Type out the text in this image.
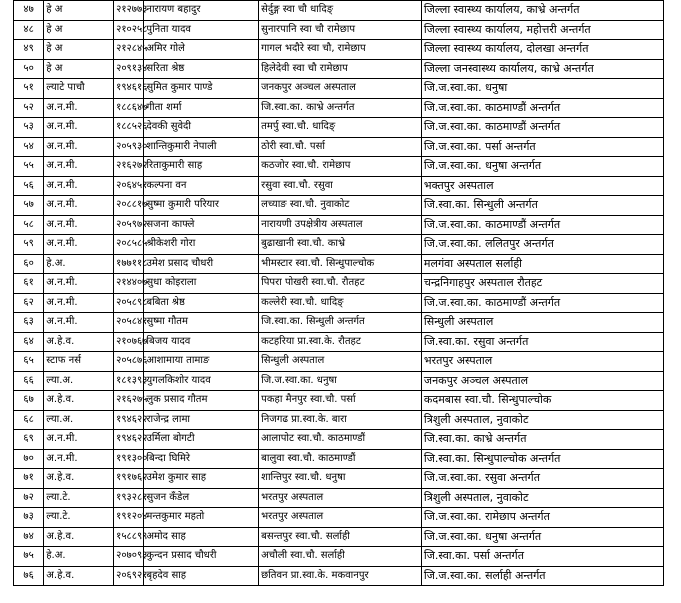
४७	हे अ	२१२७७३	नारायण बहादुर	सेर्दुङ्ग स्वा चौ धादिङ्	जिल्ला स्वास्थ्य कार्यालय, काभ्रे अन्तर्गत
४८	हे अ	२१०२५८	पुनिता यादव	सुनारपानि स्वा चौ रामेछाप	जिल्ला स्वास्थ्य कार्यालय, महोत्तरी अन्तर्गत
४९	हे अ	२१२८४५	अमिर गोले	गागल भदौरे स्वा चौ, रामेछाप	जिल्ला स्वास्थ्य कार्यालय, दोलखा अन्तर्गत
५०	हे अ	२०९१३४	सरिता श्रेष्ठ	हिलेदेवी स्वा चौ रामेछाप	जिल्ला जनस्वास्थ्य कार्यालय, काभ्रे अन्तर्गत
५१	ल्याटे पाचौ	१९४६१६	सुमित कुमार पाण्डे	जनकपुर अञ्चल अस्पताल	जि.ज.स्वा.का. धनुषा
५२	अ.न.मी.	१८८६४७	गीता शर्मा	जि.स्वा.का. काभ्रे अन्तर्गत	जि.ज.स्वा.का. काठमाण्डौं अन्तर्गत
५३	अ.न.मी.	१८८५२६	देवकी सुवेदी	तमर्पु स्वा.चौ. धादिङ्	जि.ज.स्वा.का. काठमाण्डौं अन्तर्गत
५४	अ.न.मी.	२०५९३०	शान्तिकुमारी नेपाली	ठोरी स्वा.चौ. पर्सा	जि.ज.स्वा.का. पर्सा अन्तर्गत
५५	अ.न.मी.	२१६२७२	रिताकुमारी साह	कठजोर स्वा.चौ. रामेछाप	जि.ज.स्वा.का. धनुषा अन्तर्गत
५६	अ.न.मी.	२०६४५१	कल्पना वन	रसुवा स्वा.चौ. रसुवा	भक्तपुर अस्पताल
५७	अ.न.मी.	२०८८१७	सुष्मा कुमारी परियार	लच्याङ स्वा.चौ. नुवाकोट	जि.स्वा.का. सिन्धुली अन्तर्गत
५८	अ.न.मी.	२०५९७२	सजना काफ्ले	नारायणी उपक्षेत्रीय अस्पताल	जि.ज.स्वा.का. काठमाण्डौं अन्तर्गत
५९	अ.न.मी.	२०८५८५	श्रीकेशरी गोरा	बुढाखानी स्वा.चौ. काभ्रे	जि.ज.स्वा.का. ललितपुर अन्तर्गत
६०	हे.अ.	१७७११८	उमेश प्रसाद चौधरी	भीमस्टार स्वा.चौ. सिन्धुपाल्चोक	मलगंवा अस्पताल सर्लाही
६१	अ.न.मी.	२१४४०७	सुधा कोइराला	पिपरा पोखरी स्वा.चौ. रौतहट	चन्द्रनिगाहपुर अस्पताल रौतहट
६२	अ.न.मी.	२०५८९८	बबिता श्रेष्ठ	कल्लेरी स्वा.चौ. धादिङ्	जि.ज.स्वा.का. काठमाण्डौं अन्तर्गत
६३	अ.न.मी.	२०५८४१	सुष्मा गौतम	जि.स्वा.का. सिन्धुली अन्तर्गत	सिन्धुली अस्पताल
६४	अ.हे.व.	२१०७६७	बिजय यादव	कटहरिया प्रा.स्वा.के. रौतहट	जि.स्वा.का. रसुवा अन्तर्गत
६५	स्टाफ नर्स	२०५८७६	आशामाया तामाङ	सिन्धुली अस्पताल	भरतपुर अस्पताल
६६	ल्या.अ.	१८१३९३	युगलकिशोर यादव	जि.ज.स्वा.का. धनुषा	जनकपुर अञ्चल अस्पताल
६७	अ.हे.व.	२१६२७५	लुक प्रसाद गौतम	पकहा मैनपुर स्वा.चौ. पर्सा	कदमबास स्वा.चौ. सिन्धुपाल्चोक
६८	ल्या.अ.	१९४६२२	राजेन्द्र लामा	निजगढ प्रा.स्वा.के. बारा	त्रिशुली अस्पताल, नुवाकोट
६९	अ.न.मी.	१९४६२२	उर्मिला बोगटी	आलापोट स्वा.चौ. काठमाण्डौं	जि.स्वा.का. काभ्रे अन्तर्गत
७०	अ.न.मी.	१९१३००	बिन्दा घिमिरे	बालुवा स्वा.चौ. काठमाण्डौं	जि.स्वा.का. सिन्धुपाल्चोक अन्तर्गत
७१	अ.हे.व.	१९१७६२	उमेश कुमार साह	शान्तिपुर स्वा.चौ. धनुषा	जि.ज.स्वा.का. रसुवा अन्तर्गत
७२	ल्या.टे.	१९३२८१	सुजन कँडेल	भरतपुर अस्पताल	त्रिशुली अस्पताल, नुवाकोट
७३	ल्या.टे.	१९१२०४	मन्तकुमार महतो	भरतपुर अस्पताल	जि.ज.स्वा.का. रामेछाप अन्तर्गत
७४	अ.हे.व.	१५८८९९	अमोद साह	बसन्तपुर स्वा.चौ. सर्लाही	जि.ज.स्वा.का. धनुषा अन्तर्गत
७५	हे.अ.	२०७०९३	कुन्दन प्रसाद चौधरी	अचौली स्वा.चौ. सर्लाही	जि.स्वा.का. पर्सा अन्तर्गत
७६	अ.हे.व.	२०६९२१	बृहदेव साह	छतिवन प्रा.स्वा.के. मकवानपुर	जि.ज.स्वा.का. सर्लाही अन्तर्गत
